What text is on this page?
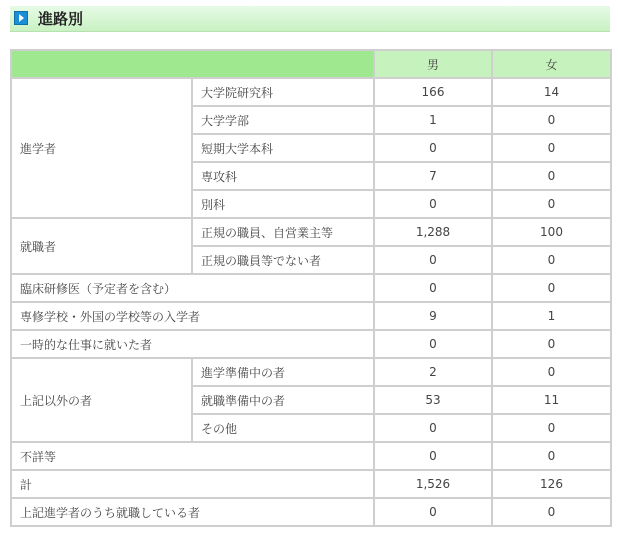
進路別
		男	女
進学者	大学院研究科	166	14
	大学学部	1	0
	短期大学本科	0	0
	専攻科	7	0
	別科	0	0
就職者	正規の職員、自営業主等	1,288	100
	正規の職員等でない者	0	0
臨床研修医（予定者を含む）		0	0
専修学校・外国の学校等の入学者		9	1
一時的な仕事に就いた者		0	0
上記以外の者	進学準備中の者	2	0
	就職準備中の者	53	11
	その他	0	0
不詳等		0	0
計		1,526	126
上記進学者のうち就職している者		0	0
